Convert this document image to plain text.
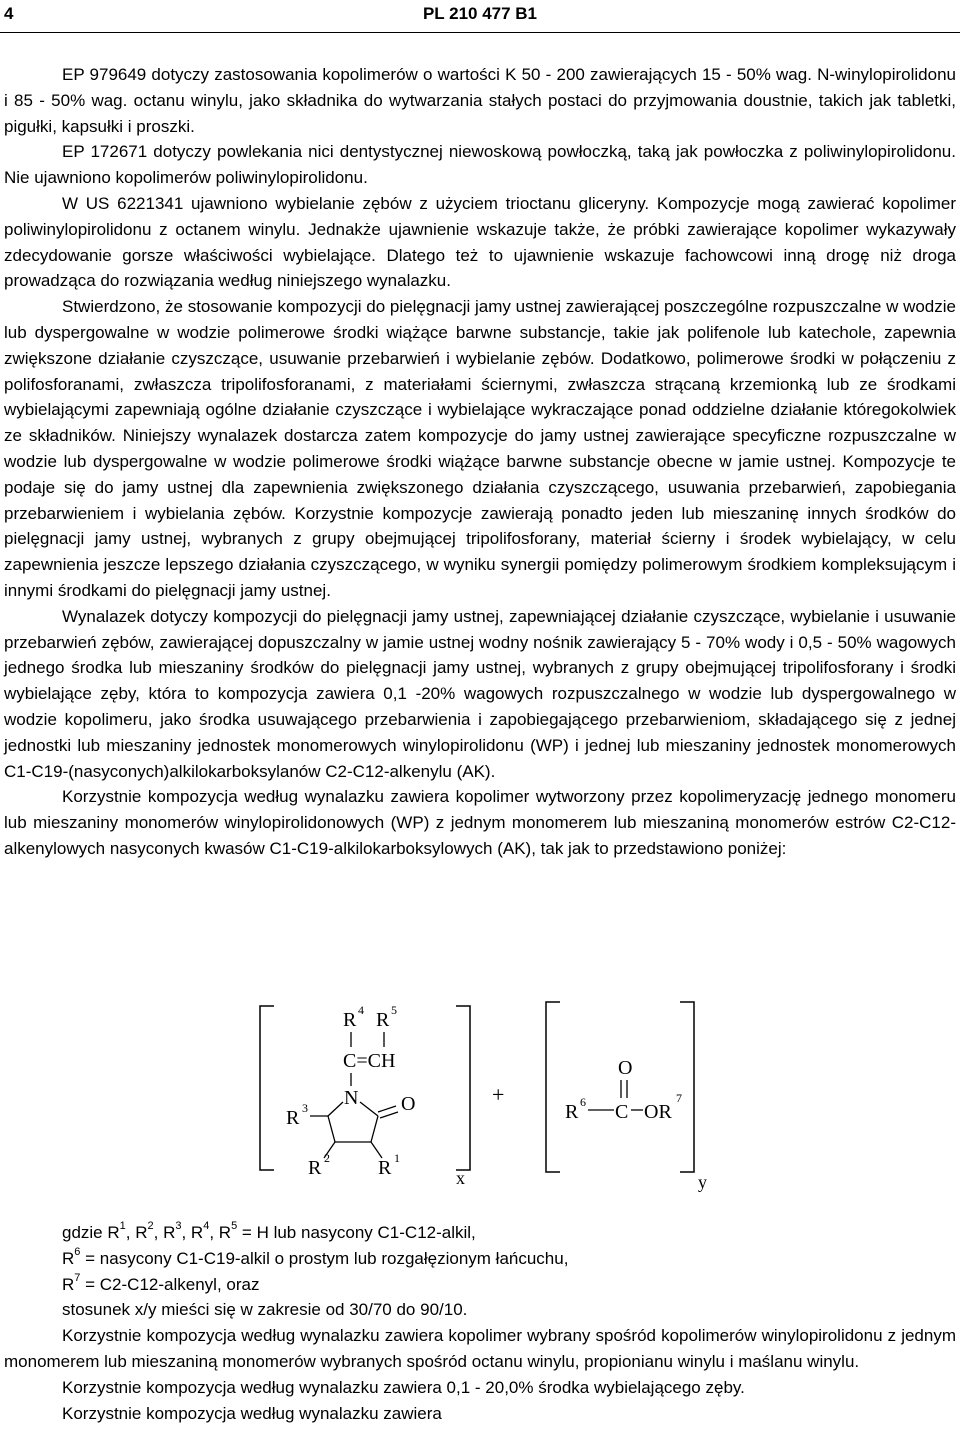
4	PL 210 477 B1

EP 979649 dotyczy zastosowania kopolimerów o wartości K 50 - 200 zawierających 15 - 50% wag. N-winylopirolidonu i 85 - 50% wag. octanu winylu, jako składnika do wytwarzania stałych postaci do przyjmowania doustnie, takich jak tabletki, pigułki, kapsułki i proszki.

EP 172671 dotyczy powlekania nici dentystycznej niewoskową powłoczką, taką jak powłoczka z poliwinylopirolidonu. Nie ujawniono kopolimerów poliwinylopirolidonu.

W US 6221341 ujawniono wybielanie zębów z użyciem trioctanu gliceryny. Kompozycje mogą zawierać kopolimer poliwinylopirolidonu z octanem winylu. Jednakże ujawnienie wskazuje także, że próbki zawierające kopolimer wykazywały zdecydowanie gorsze właściwości wybielające. Dlatego też to ujawnienie wskazuje fachowcowi inną drogę niż droga prowadząca do rozwiązania według niniejszego wynalazku.

Stwierdzono, że stosowanie kompozycji do pielęgnacji jamy ustnej zawierającej poszczególne rozpuszczalne w wodzie lub dyspergowalne w wodzie polimerowe środki wiążące barwne substancje, takie jak polifenole lub katechole, zapewnia zwiększone działanie czyszczące, usuwanie przebarwień i wybielanie zębów. Dodatkowo, polimerowe środki w połączeniu z polifosforanami, zwłaszcza tripolifosforanami, z materiałami ściernymi, zwłaszcza strącaną krzemionką lub ze środkami wybielającymi zapewniają ogólne działanie czyszczące i wybielające wykraczające ponad oddzielne działanie któregokolwiek ze składników. Niniejszy wynalazek dostarcza zatem kompozycje do jamy ustnej zawierające specyficzne rozpuszczalne w wodzie lub dyspergowalne w wodzie polimerowe środki wiążące barwne substancje obecne w jamie ustnej. Kompozycje te podaje się do jamy ustnej dla zapewnienia zwiększonego działania czyszczącego, usuwania przebarwień, zapobiegania przebarwieniem i wybielania zębów. Korzystnie kompozycje zawierają ponadto jeden lub mieszaninę innych środków do pielęgnacji jamy ustnej, wybranych z grupy obejmującej tripolifosforany, materiał ścierny i środek wybielający, w celu zapewnienia jeszcze lepszego działania czyszczącego, w wyniku synergii pomiędzy polimerowym środkiem kompleksującym i innymi środkami do pielęgnacji jamy ustnej.

Wynalazek dotyczy kompozycji do pielęgnacji jamy ustnej, zapewniającej działanie czyszczące, wybielanie i usuwanie przebarwień zębów, zawierającej dopuszczalny w jamie ustnej wodny nośnik zawierający 5 - 70% wody i 0,5 - 50% wagowych jednego środka lub mieszaniny środków do pielęgnacji jamy ustnej, wybranych z grupy obejmującej tripolifosforany i środki wybielające zęby, która to kompozycja zawiera 0,1 -20% wagowych rozpuszczalnego w wodzie lub dyspergowalnego w wodzie kopolimeru, jako środka usuwającego przebarwienia i zapobiegającego przebarwieniom, składającego się z jednej jednostki lub mieszaniny jednostek monomerowych winylopirolidonu (WP) i jednej lub mieszaniny jednostek monomerowych C1-C19-(nasyconych)alkilokarboksylanów C2-C12-alkenylu (AK).

Korzystnie kompozycja według wynalazku zawiera kopolimer wytworzony przez kopolimeryzację jednego monomeru lub mieszaniny monomerów winylopirolidonowych (WP) z jednym monomerem lub mieszaniną monomerów estrów C2-C12-alkenylowych nasyconych kwasów C1-C19-alkilokarboksylowych (AK), tak jak to przedstawiono poniżej:

R 4 R 5
C=CH
N O
R 3
R 2 R 1
x
+
O
R 6 C OR
7
y

gdzie $R^1$, $R^2$, $R^3$, $R^4$, $R^5 = H$ lub nasycony C1-C12-alkil,

$R^6$ = nasycony C1-C19-alkil o prostym lub rozgałęzionym łańcuchu,

$R^7$ = C2-C12-alkenyl, oraz

stosunek x/y mieści się w zakresie od 30/70 do 90/10.

Korzystnie kompozycja według wynalazku zawiera kopolimer wybrany spośród kopolimerów winylopirolidonu z jednym monomerem lub mieszaniną monomerów wybranych spośród octanu winylu, propionianu winylu i maślanu winylu.

Korzystnie kompozycja według wynalazku zawiera 0,1 - 20,0% środka wybielającego zęby.

Korzystnie kompozycja według wynalazku zawiera
